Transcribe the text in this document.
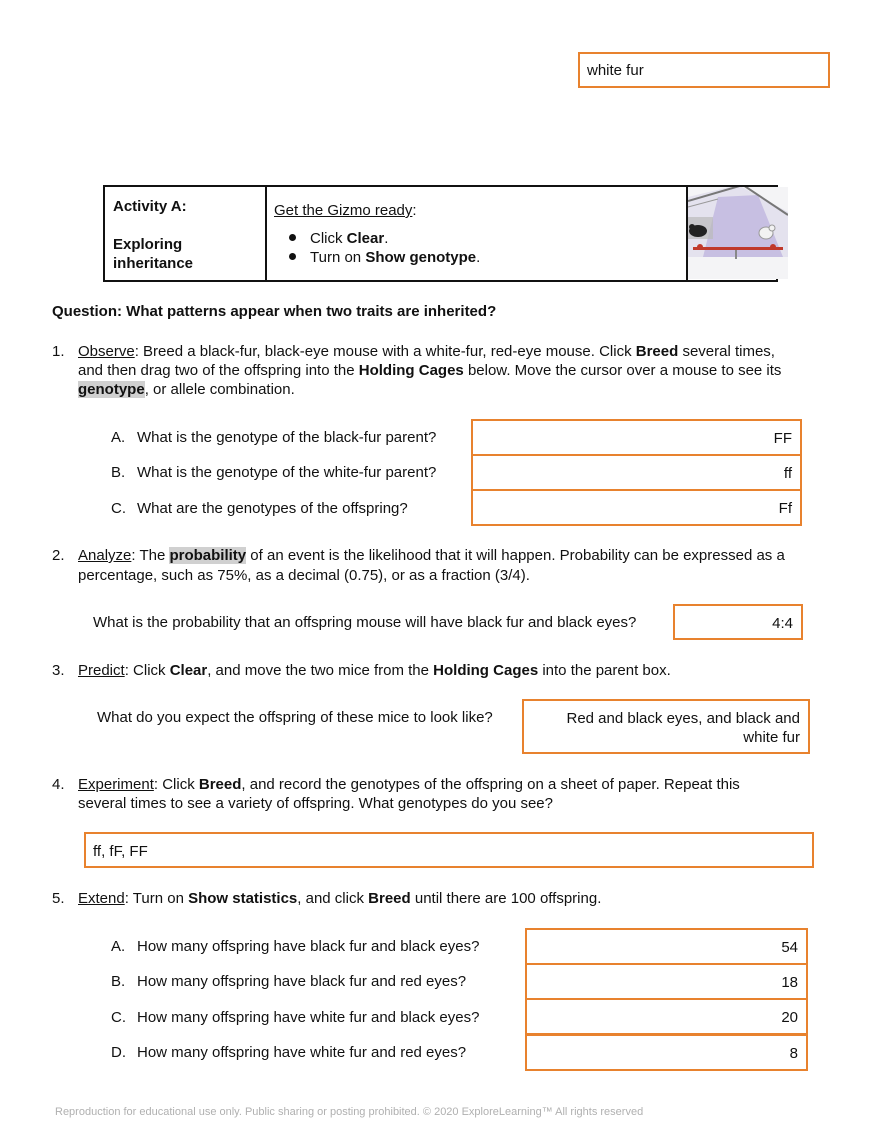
white fur
Activity A:
Exploring
inheritance

Get the Gizmo ready:
Click Clear.
Turn on Show genotype.

Question: What patterns appear when two traits are inherited?
1. Observe: Breed a black-fur, black-eye mouse with a white-fur, red-eye mouse. Click Breed several times,
and then drag two of the offspring into the Holding Cages below. Move the cursor over a mouse to see its
genotype, or allele combination.
A. What is the genotype of the black-fur parent?	FF
B. What is the genotype of the white-fur parent?	ff
C. What are the genotypes of the offspring?	Ff
2. Analyze: The probability of an event is the likelihood that it will happen. Probability can be expressed as a
percentage, such as 75%, as a decimal (0.75), or as a fraction (3/4).
What is the probability that an offspring mouse will have black fur and black eyes?	4:4
3. Predict: Click Clear, and move the two mice from the Holding Cages into the parent box.
What do you expect the offspring of these mice to look like?	Red and black eyes, and black and
white fur
4. Experiment: Click Breed, and record the genotypes of the offspring on a sheet of paper. Repeat this
several times to see a variety of offspring. What genotypes do you see?
ff, fF, FF
5. Extend: Turn on Show statistics, and click Breed until there are 100 offspring.
A. How many offspring have black fur and black eyes?	54
B. How many offspring have black fur and red eyes?	18
C. How many offspring have white fur and black eyes?	20
D. How many offspring have white fur and red eyes?	8
Reproduction for educational use only. Public sharing or posting prohibited. © 2020 ExploreLearning™ All rights reserved
